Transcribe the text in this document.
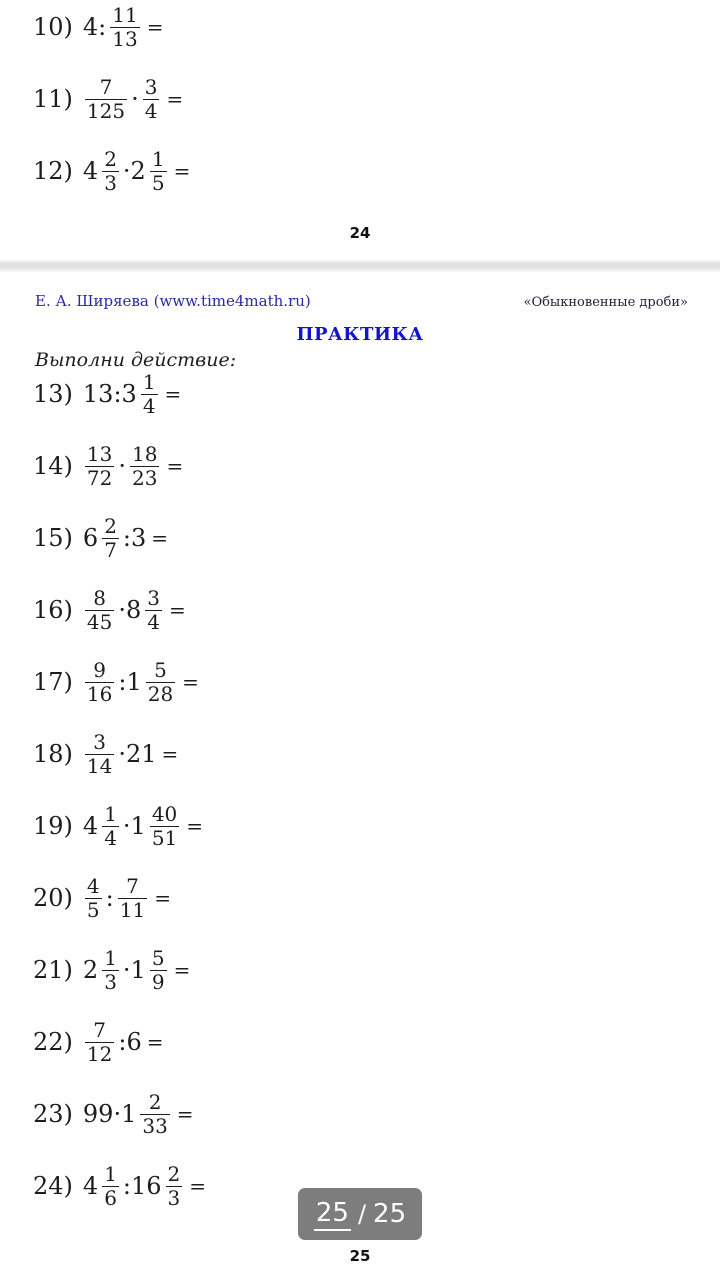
10) 4: $\frac{11}{13}$ =
$11) \frac{7}{125} \cdot \frac{3}{4}$ =
12) $4 \frac{2}{3} \cdot 2 \frac{1}{5}$ =
24
Е. А. Ширяева (www.time4math.ru)	«Обыкновенные дроби»
ПРАКТИКА
Выполни действие:
13) 13:3 $\frac{1}{4}$ =
$14) \frac{13}{72} \cdot \frac{18}{23}$ =
15) $6 \frac{2}{7}$ :3 =
$16) \frac{8}{45} \cdot 8 \frac{3}{4}$ =
$17) \frac{9}{16}$ :1 $\frac{5}{28}$ =
$18) \frac{3}{14} \cdot 21$ =
19) $4 \frac{1}{4} \cdot 1 \frac{40}{51}$ =
$20) \frac{4}{5}$ : $\frac{7}{11}$ =
21) $2 \frac{1}{3} \cdot 1 \frac{5}{9}$ =
$22) \frac{7}{12}$ :6 =
23) $99\cdot 1 \frac{2}{33}$ =
24) $4 \frac{1}{6}$ :16 $\frac{2}{3}$ =
25
25 / 25
